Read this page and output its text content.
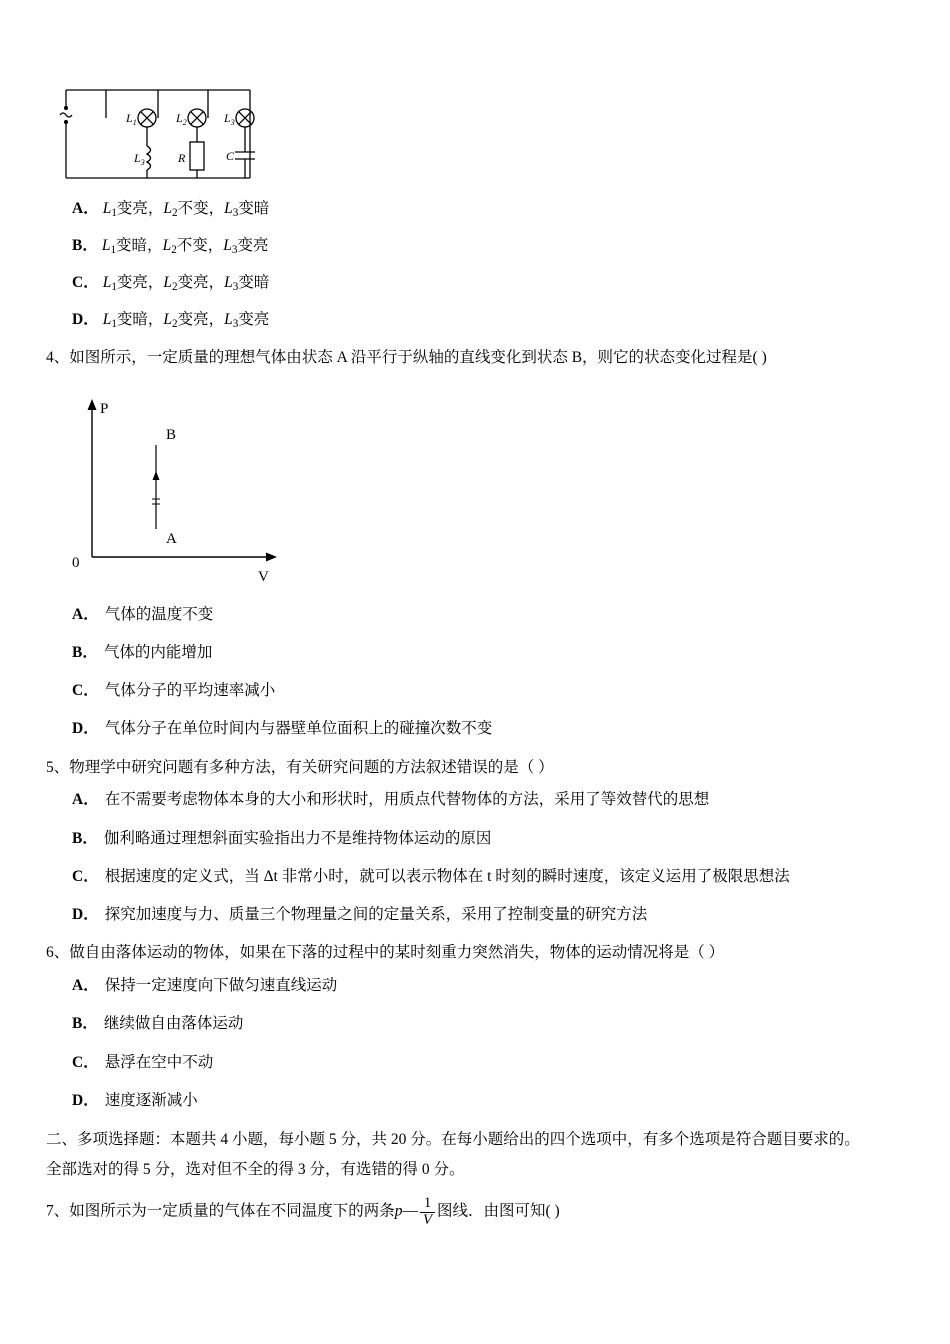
$L_1$	$L_2$	$L_3$
$L_3$	R	C
A． $L_1$变亮，$L_2$不变，$L_3$变暗
B． $L_1$变暗，$L_2$不变，$L_3$变亮
C． $L_1$变亮，$L_2$变亮，$L_3$变暗
D． $L_1$变暗，$L_2$变亮，$L_3$变亮
4、如图所示，一定质量的理想气体由状态 A 沿平行于纵轴的直线变化到状态 B，则它的状态变化过程是( )
P
V
0
B
A
A． 气体的温度不变
B． 气体的内能增加
C． 气体分子的平均速率减小
D． 气体分子在单位时间内与器壁单位面积上的碰撞次数不变
5、物理学中研究问题有多种方法，有关研究问题的方法叙述错误的是（ ）
A． 在不需要考虑物体本身的大小和形状时，用质点代替物体的方法，采用了等效替代的思想
B． 伽利略通过理想斜面实验指出力不是维持物体运动的原因
C． 根据速度的定义式，当 Δt 非常小时，就可以表示物体在 t 时刻的瞬时速度，该定义运用了极限思想法
D． 探究加速度与力、质量三个物理量之间的定量关系，采用了控制变量的研究方法
6、做自由落体运动的物体，如果在下落的过程中的某时刻重力突然消失，物体的运动情况将是（ ）
A． 保持一定速度向下做匀速直线运动
B． 继续做自由落体运动
C． 悬浮在空中不动
D． 速度逐渐减小
二、多项选择题：本题共 4 小题，每小题 5 分，共 20 分。在每小题给出的四个选项中，有多个选项是符合题目要求的。
全部选对的得 5 分，选对但不全的得 3 分，有选错的得 0 分。
7、如图所示为一定质量的气体在不同温度下的两条p— $\frac{1}{V}$ 图线．由图可知( )
